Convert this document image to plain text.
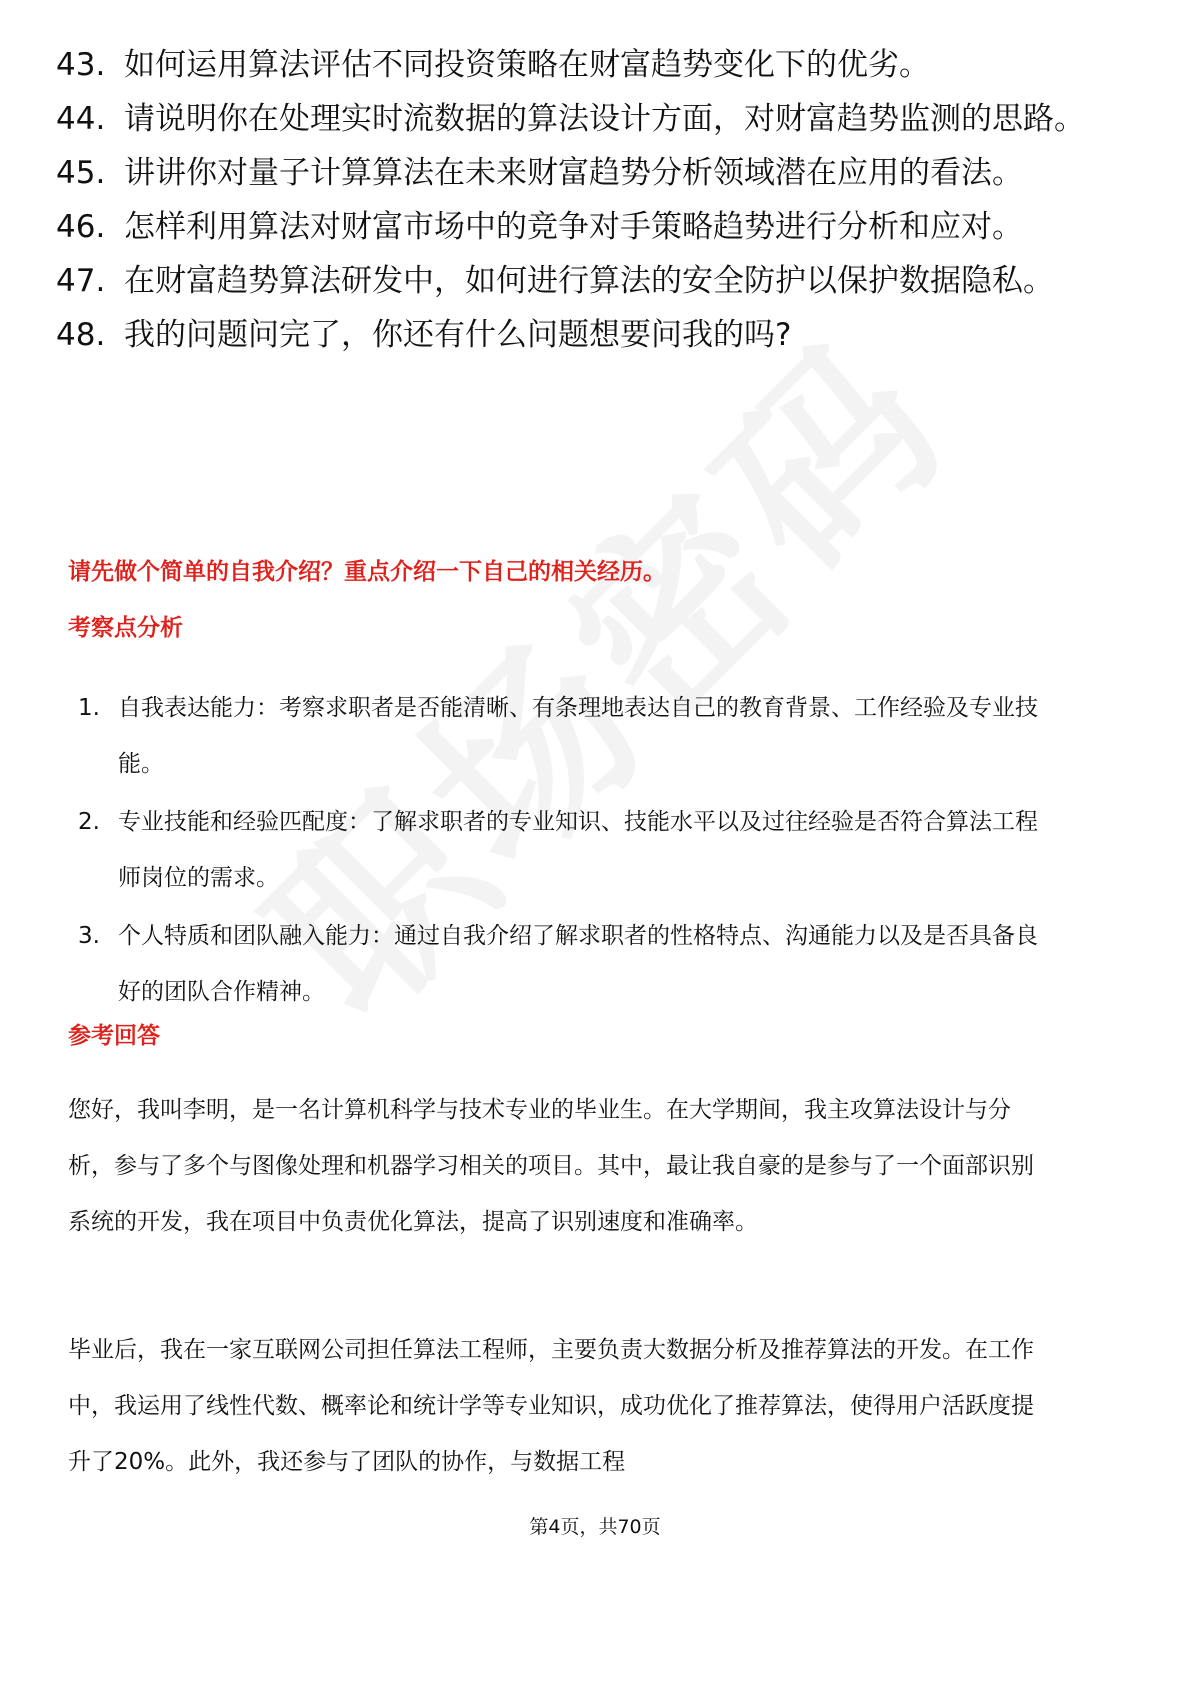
43. 如何运用算法评估不同投资策略在财富趋势变化下的优劣。
44. 请说明你在处理实时流数据的算法设计方面，对财富趋势监测的思路。
45. 讲讲你对量子计算算法在未来财富趋势分析领域潜在应用的看法。
46. 怎样利用算法对财富市场中的竞争对手策略趋势进行分析和应对。
47. 在财富趋势算法研发中，如何进行算法的安全防护以保护数据隐私。
48. 我的问题问完了，你还有什么问题想要问我的吗?
请先做个简单的自我介绍？重点介绍一下自己的相关经历。
考察点分析
1. 自我表达能力：考察求职者是否能清晰、有条理地表达自己的教育背景、工作经验及专业技能。
2. 专业技能和经验匹配度：了解求职者的专业知识、技能水平以及过往经验是否符合算法工程师岗位的需求。
3. 个人特质和团队融入能力：通过自我介绍了解求职者的性格特点、沟通能力以及是否具备良好的团队合作精神。
参考回答

您好，我叫李明，是一名计算机科学与技术专业的毕业生。在大学期间，我主攻算法设计与分析，参与了多个与图像处理和机器学习相关的项目。其中，最让我自豪的是参与了一个面部识别系统的开发，我在项目中负责优化算法，提高了识别速度和准确率。

毕业后，我在一家互联网公司担任算法工程师，主要负责大数据分析及推荐算法的开发。在工作中，我运用了线性代数、概率论和统计学等专业知识，成功优化了推荐算法，使得用户活跃度提升了20%。此外，我还参与了团队的协作，与数据工程

第4页，共70页
